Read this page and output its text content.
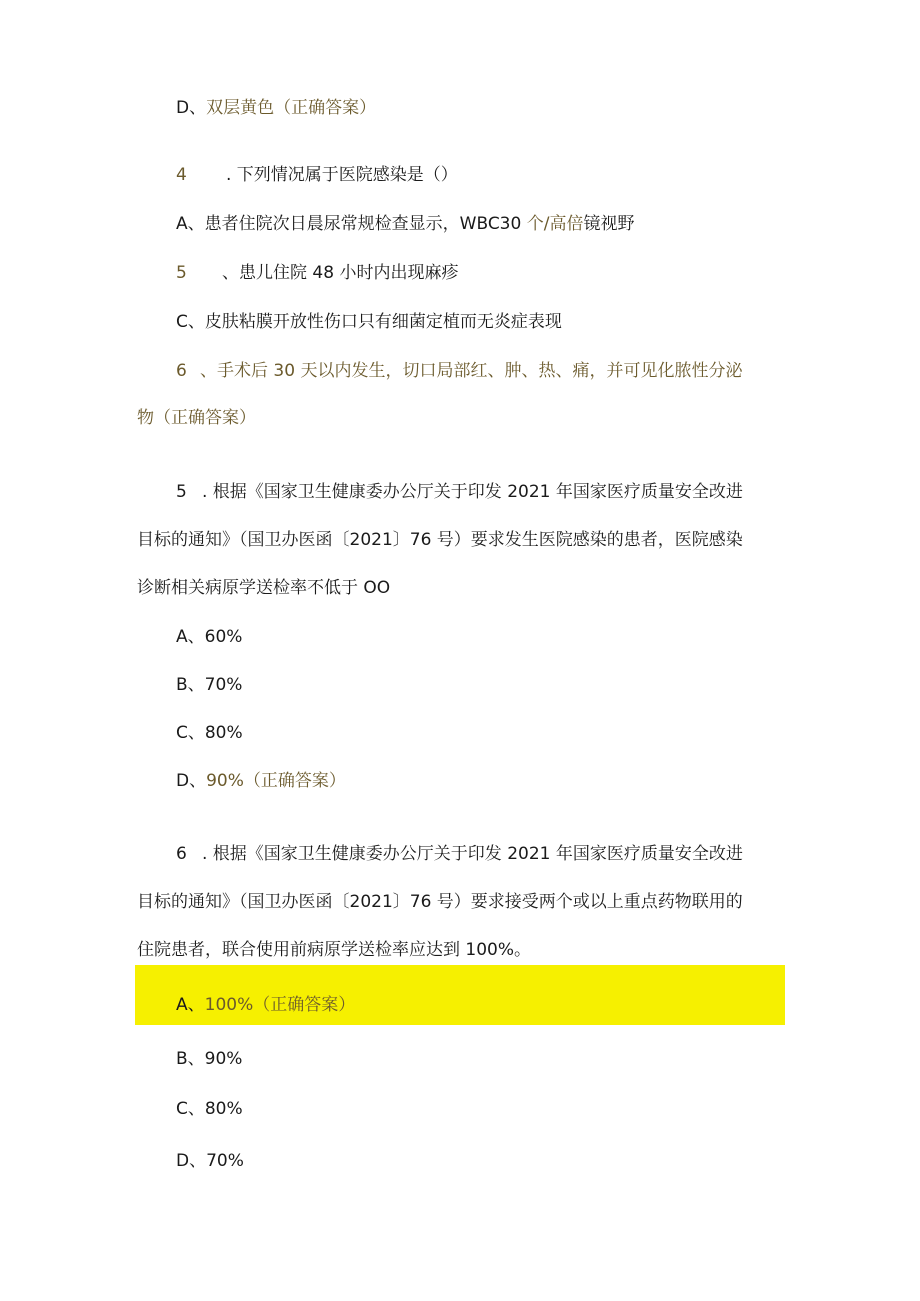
D、双层黄色（正确答案）
4 . 下列情况属于医院感染是（）
A、患者住院次日晨尿常规检查显示，WBC30 个/高倍镜视野
5 、患儿住院 48 小时内出现麻疹
C、皮肤粘膜开放性伤口只有细菌定植而无炎症表现
6 、手术后 30 天以内发生，切口局部红、肿、热、痛，并可见化脓性分泌
物（正确答案）
5 . 根据《国家卫生健康委办公厅关于印发 2021 年国家医疗质量安全改进
目标的通知》（国卫办医函〔2021〕76 号）要求发生医院感染的患者，医院感染
诊断相关病原学送检率不低于 OO
A、60%
B、70%
C、80%
D、90%（正确答案）
6 . 根据《国家卫生健康委办公厅关于印发 2021 年国家医疗质量安全改进
目标的通知》（国卫办医函〔2021〕76 号）要求接受两个或以上重点药物联用的
住院患者，联合使用前病原学送检率应达到 100%。
A、100%（正确答案）
B、90%
C、80%
D、70%
